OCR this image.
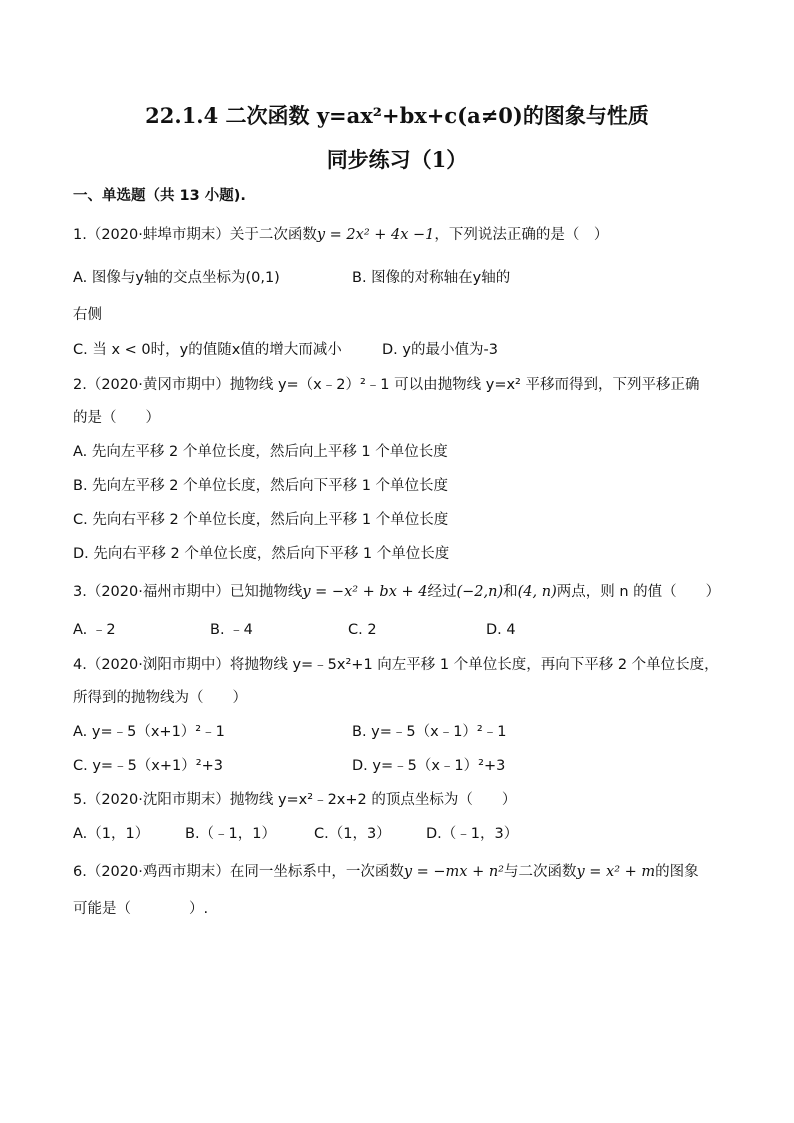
22.1.4 二次函数 y=ax²+bx+c(a≠0)的图象与性质
同步练习（1）
一、单选题（共 13 小题).
1.（2020·蚌埠市期末）关于二次函数y = 2x² + 4x −1，下列说法正确的是（　）
A. 图像与y轴的交点坐标为(0,1)	B. 图像的对称轴在y轴的
右侧
C. 当 x < 0时，y的值随x值的增大而减小	D. y的最小值为-3
2.（2020·黄冈市期中）抛物线 y=（x﹣2）²﹣1 可以由抛物线 y=x² 平移而得到，下列平移正确
的是（　　）
A. 先向左平移 2 个单位长度，然后向上平移 1 个单位长度
B. 先向左平移 2 个单位长度，然后向下平移 1 个单位长度
C. 先向右平移 2 个单位长度，然后向上平移 1 个单位长度
D. 先向右平移 2 个单位长度，然后向下平移 1 个单位长度
3.（2020·福州市期中）已知抛物线y = −x² + bx + 4经过(−2,n)和(4, n)两点，则 n 的值（　　）
A. ﹣2	B. ﹣4	C. 2	D. 4
4.（2020·浏阳市期中）将抛物线 y=﹣5x²+1 向左平移 1 个单位长度，再向下平移 2 个单位长度，
所得到的抛物线为（　　）
A. y=﹣5（x+1）²﹣1	B. y=﹣5（x﹣1）²﹣1
C. y=﹣5（x+1）²+3	D. y=﹣5（x﹣1）²+3
5.（2020·沈阳市期末）抛物线 y=x²﹣2x+2 的顶点坐标为（　　）
A.（1，1） B.（﹣1，1）	C.（1，3） D.（﹣1，3）
6.（2020·鸡西市期末）在同一坐标系中，一次函数y = −mx + n²与二次函数y = x² + m的图象
可能是（　　　　）.
